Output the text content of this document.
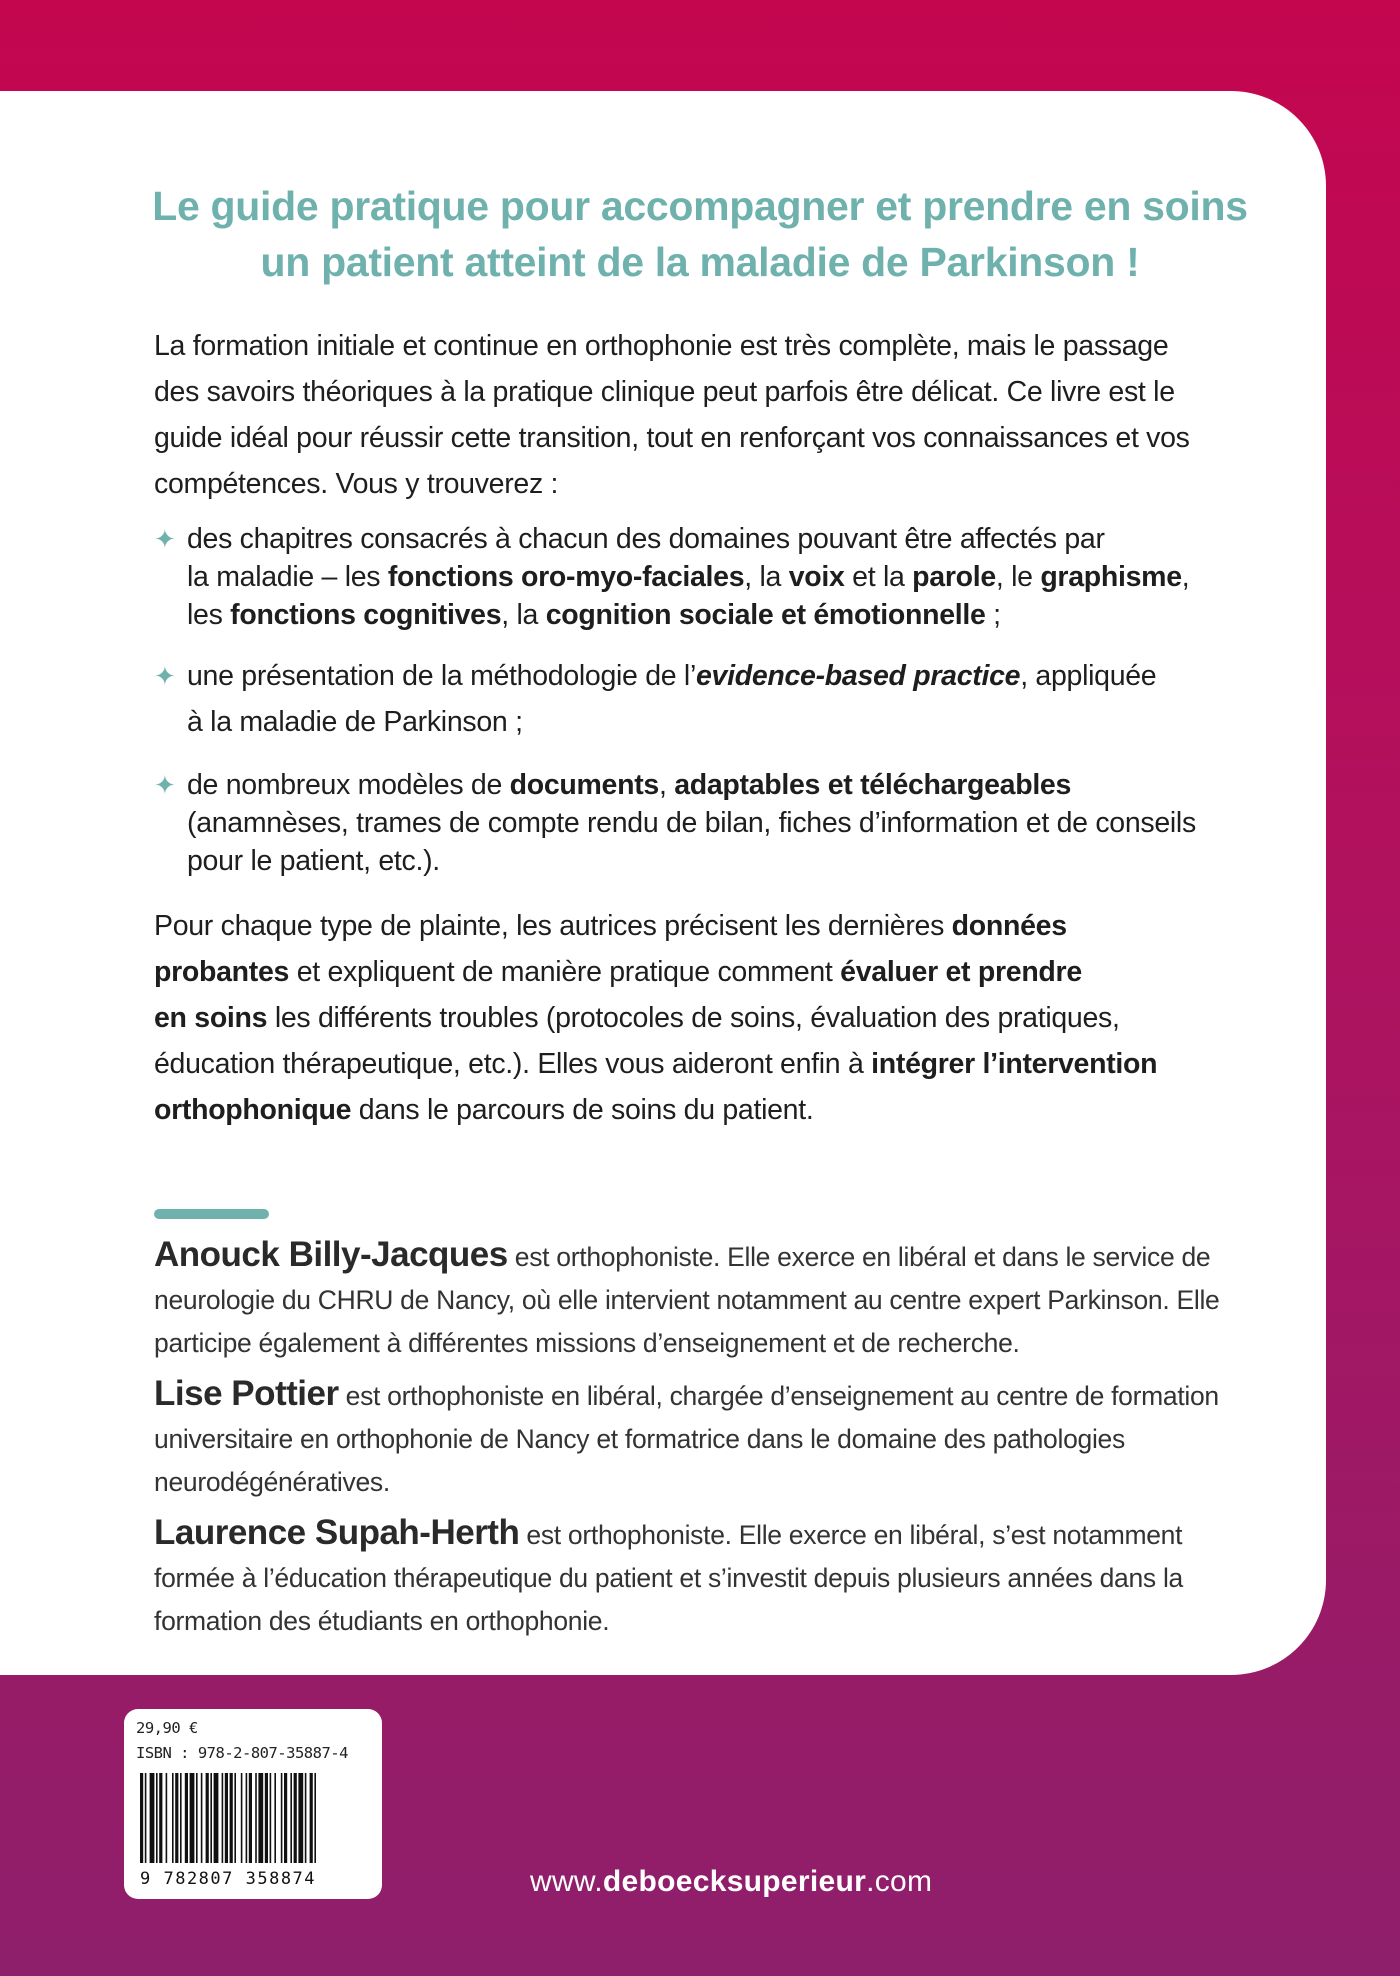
Le guide pratique pour accompagner et prendre en soins
un patient atteint de la maladie de Parkinson !
La formation initiale et continue en orthophonie est très complète, mais le passage
des savoirs théoriques à la pratique clinique peut parfois être délicat. Ce livre est le
guide idéal pour réussir cette transition, tout en renforçant vos connaissances et vos
compétences. Vous y trouverez :
✦ des chapitres consacrés à chacun des domaines pouvant être affectés par
la maladie – les fonctions oro-myo-faciales, la voix et la parole, le graphisme,
les fonctions cognitives, la cognition sociale et émotionnelle ;
✦ une présentation de la méthodologie de l’evidence-based practice, appliquée
à la maladie de Parkinson ;
✦ de nombreux modèles de documents, adaptables et téléchargeables
(anamnèses, trames de compte rendu de bilan, fiches d’information et de conseils
pour le patient, etc.).
Pour chaque type de plainte, les autrices précisent les dernières données
probantes et expliquent de manière pratique comment évaluer et prendre
en soins les différents troubles (protocoles de soins, évaluation des pratiques,
éducation thérapeutique, etc.). Elles vous aideront enfin à intégrer l’intervention
orthophonique dans le parcours de soins du patient.
Anouck Billy-Jacques est orthophoniste. Elle exerce en libéral et dans le service de
neurologie du CHRU de Nancy, où elle intervient notamment au centre expert Parkinson. Elle
participe également à différentes missions d’enseignement et de recherche.
Lise Pottier est orthophoniste en libéral, chargée d’enseignement au centre de formation
universitaire en orthophonie de Nancy et formatrice dans le domaine des pathologies
neurodégénératives.
Laurence Supah-Herth est orthophoniste. Elle exerce en libéral, s’est notamment
formée à l’éducation thérapeutique du patient et s’investit depuis plusieurs années dans la
formation des étudiants en orthophonie.
29,90 €
ISBN : 978-2-807-35887-4
9 782807 358874	www.deboecksuperieur.com
